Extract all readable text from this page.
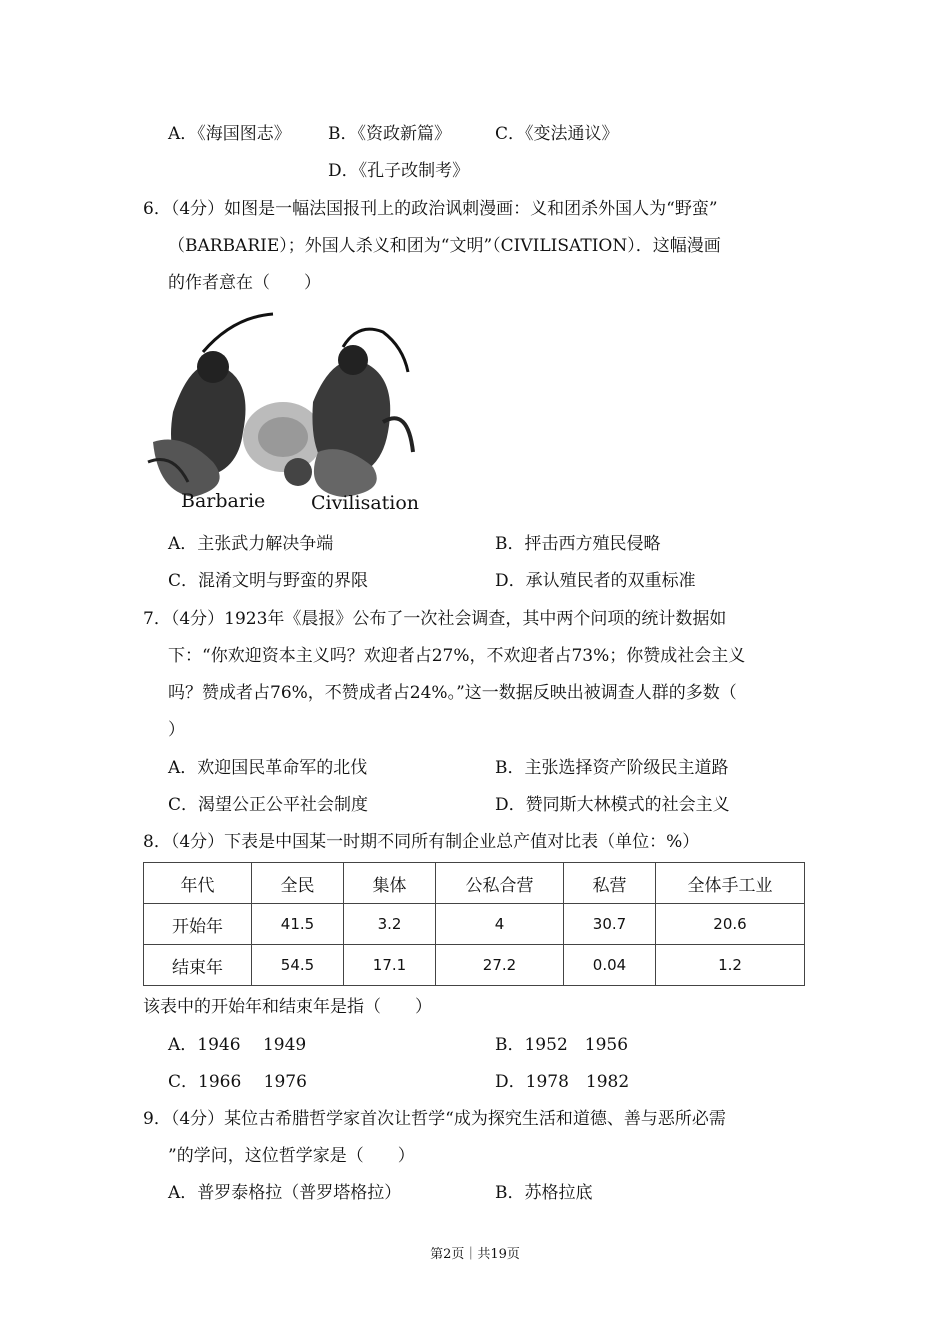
A．《海国图志》 B．《资政新篇》	C．《变法通议》
D．《孔子改制考》
6．（4分）如图是一幅法国报刊上的政治讽刺漫画：义和团杀外国人为“野蛮”
（BARBARIE）；外国人杀义和团为“文明”（CIVILISATION）．这幅漫画
的作者意在（　　）
Barbarie Civilisation
A．主张武力解决争端	B．抨击西方殖民侵略
C．混淆文明与野蛮的界限	D．承认殖民者的双重标准
7．（4分）1923年《晨报》公布了一次社会调查，其中两个问项的统计数据如
下：“你欢迎资本主义吗？欢迎者占27%，不欢迎者占73%；你赞成社会主义
吗？赞成者占76%，不赞成者占24%。”这一数据反映出被调查人群的多数（
）
A．欢迎国民革命军的北伐	B．主张选择资产阶级民主道路
C．渴望公正公平社会制度	D．赞同斯大林模式的社会主义
8．（4分）下表是中国某一时期不同所有制企业总产值对比表（单位：%）
年代	全民	集体	公私合营	私营	全体手工业
开始年	41.5	3.2	4	30.7	20.6
结束年	54.5	17.1	27.2	0.04	1.2
该表中的开始年和结束年是指（　　）
A．1946　 1949	B．1952　1956
C．1966　 1976	D．1978　1982
9．（4分）某位古希腊哲学家首次让哲学“成为探究生活和道德、善与恶所必需
”的学问，这位哲学家是（　　）
A．普罗泰格拉（普罗塔格拉）	B．苏格拉底
第2页｜共19页
